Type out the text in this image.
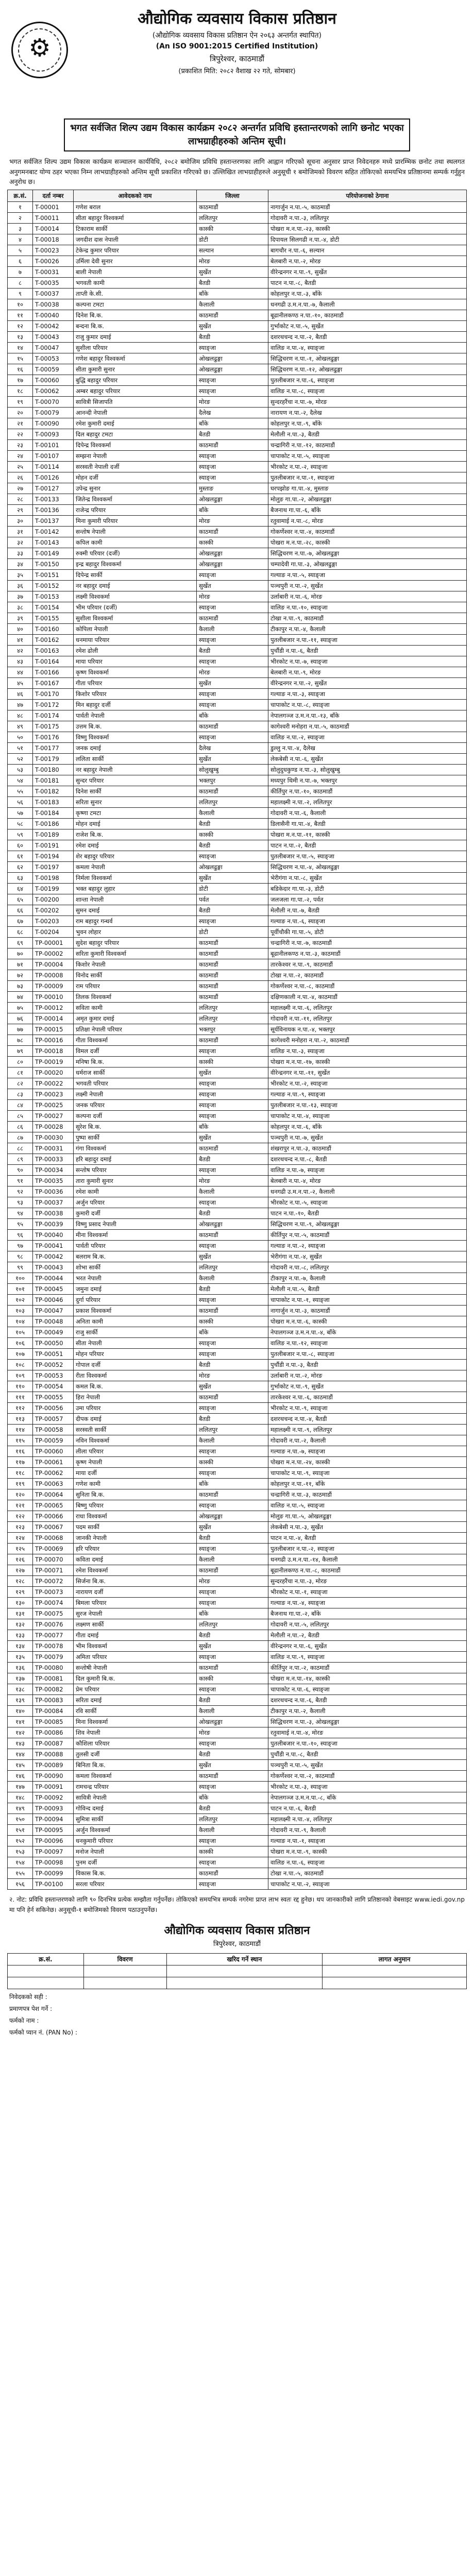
⚙
औद्योगिक व्यवसाय विकास प्रतिष्ठान
(औद्योगिक व्यवसाय विकास प्रतिष्ठान ऐन २०६३ अन्तर्गत स्थापित)
(An ISO 9001:2015 Certified Institution)
त्रिपुरेश्वर, काठमाडौं
(प्रकाशित मिति: २०८२ वैशाख २२ गते, सोमबार)
भगत सर्वजित शिल्प उद्यम विकास कार्यक्रम २०८२ अन्तर्गत प्रविधि हस्तान्तरणको लागि छनोट भएका लाभग्राहीहरुको अन्तिम सूची।
भगत सर्वजित शिल्प उद्यम विकास कार्यक्रम सञ्चालन कार्यविधि, २०८२ बमोजिम प्रविधि हस्तान्तरणका लागि आह्वान गरिएको सूचना अनुसार प्राप्त निवेदनहरु मध्ये प्रारम्भिक छनोट तथा स्थलगत अनुगमनबाट योग्य ठहर भएका निम्न लाभग्राहीहरुको अन्तिम सूची प्रकाशित गरिएको छ। उल्लिखित लाभग्राहीहरुले अनुसूची १ बमोजिमको विवरण सहित तोकिएको समयभित्र प्रतिष्ठानमा सम्पर्क गर्नुहुन अनुरोध छ।
क्र.सं.	दर्ता नम्बर	आवेदकको नाम	जिल्ला	परियोजनाको ठेगाना
१	T-00001	गणेश बराल	काठमाडौं	नागार्जुन न.पा.-५, काठमाडौं
२	T-00011	सीता बहादुर विश्वकर्मा	ललितपुर	गोदावरी न.पा.-३, ललितपुर
३	T-00014	टिकाराम सार्की	कास्की	पोखरा म.न.पा.-२३, कास्की
४	T-00018	जगदीश दास नेपाली	डोटी	दिपायल सिलगढी न.पा.-४, डोटी
५	T-00023	टेकेन्द्र कुमार परियार	सल्यान	बागचौर न.पा.-६, सल्यान
६	T-00026	उर्मिला देवी सुनार	मोरङ	बेलबारी न.पा.-२, मोरङ
७	T-00031	बाली नेपाली	सुर्खेत	वीरेन्द्रनगर न.पा.-९, सुर्खेत
८	T-00035	भगवती कामी	बैतडी	पाटन न.पा.-८, बैतडी
९	T-00037	ताप्ती के.सी.	बाँके	कोहलपुर न.पा.-३, बाँके
१०	T-00038	कल्पना टमटा	कैलाली	धनगढी उ.म.न.पा.-७, कैलाली
११	T-00040	दिनेश बि.क.	काठमाडौं	बूढानीलकण्ठ न.पा.-१०, काठमाडौं
१२	T-00042	बन्दना बि.क.	सुर्खेत	गुर्भाकोट न.पा.-५, सुर्खेत
१३	T-00043	राजु कुमार दमाई	बैतडी	दशरथचन्द न.पा.-२, बैतडी
१४	T-00047	सुशीला परियार	स्याङ्जा	वालिङ न.पा.-४, स्याङ्जा
१५	T-00053	गणेश बहादुर विश्वकर्मा	ओखलढुङ्गा	सिद्धिचरण न.पा.-१, ओखलढुङ्गा
१६	T-00059	सीता कुमारी सुनार	ओखलढुङ्गा	सिद्धिचरण न.पा.-१२, ओखलढुङ्गा
१७	T-00060	बुद्धि बहादुर परियार	स्याङ्जा	पुतलीबजार न.पा.-६, स्याङ्जा
१८	T-00062	अम्बर बहादुर परियार	स्याङ्जा	वालिङ न.पा.-८, स्याङ्जा
१९	T-00070	सावित्री सिजापति	मोरङ	सुन्दरहरैंचा न.पा.-७, मोरङ
२०	T-00079	आनन्दी नेपाली	दैलेख	नारायण न.पा.-२, दैलेख
२१	T-00090	रमेश कुमारी दमाई	बाँके	कोहलपुर न.पा.-९, बाँके
२२	T-00093	दिल बहादुर टमटा	बैतडी	मेलौली न.पा.-३, बैतडी
२३	T-00101	दिपेन्द्र विश्वकर्मा	काठमाडौं	चन्द्रागिरी न.पा.-१२, काठमाडौं
२४	T-00107	सम्झना नेपाली	स्याङ्जा	चापाकोट न.पा.-५, स्याङ्जा
२५	T-00114	सरस्वती नेपाली दर्जी	स्याङ्जा	भीरकोट न.पा.-२, स्याङ्जा
२६	T-00126	मोहन दर्जी	स्याङ्जा	पुतलीबजार न.पा.-१, स्याङ्जा
२७	T-00127	उपेन्द्र सुनार	मुस्ताङ	घरपझोङ गा.पा.-४, मुस्ताङ
२८	T-00133	जितेन्द्र विश्वकर्मा	ओखलढुङ्गा	मोलुङ गा.पा.-२, ओखलढुङ्गा
२९	T-00136	राजेन्द्र परियार	बाँके	बैजनाथ गा.पा.-६, बाँके
३०	T-00137	मिना कुमारी परियार	मोरङ	रतुवामाई न.पा.-८, मोरङ
३१	T-00142	सन्तोष नेपाली	काठमाडौं	गोकर्णेश्वर न.पा.-४, काठमाडौं
३२	T-00143	कपिल कामी	कास्की	पोखरा म.न.पा.-२८, कास्की
३३	T-00149	रुक्मी परियार (दर्जी)	ओखलढुङ्गा	सिद्धिचरण न.पा.-७, ओखलढुङ्गा
३४	T-00150	इन्द्र बहादुर विश्वकर्मा	ओखलढुङ्गा	चम्पादेवी गा.पा.-३, ओखलढुङ्गा
३५	T-00151	दिपेन्द्र सार्की	स्याङ्जा	गल्याङ न.पा.-५, स्याङ्जा
३६	T-00152	नर बहादुर दमाई	सुर्खेत	पञ्चपुरी न.पा.-२, सुर्खेत
३७	T-00153	लक्ष्मी विश्वकर्मा	मोरङ	उर्लाबारी न.पा.-६, मोरङ
३८	T-00154	भीम परियार (दर्जी)	स्याङ्जा	वालिङ न.पा.-१०, स्याङ्जा
३९	T-00155	सुशीला विश्वकर्मा	काठमाडौं	टोखा न.पा.-९, काठमाडौं
४०	T-00160	कोपिला नेपाली	कैलाली	टीकापुर न.पा.-४, कैलाली
४१	T-00162	धनमाया परियार	स्याङ्जा	पुतलीबजार न.पा.-११, स्याङ्जा
४२	T-00163	रमेश ढोली	बैतडी	पुर्चौडी न.पा.-६, बैतडी
४३	T-00164	माया परियार	स्याङ्जा	भीरकोट न.पा.-७, स्याङ्जा
४४	T-00166	कृष्ण विश्वकर्मा	मोरङ	बेलबारी न.पा.-९, मोरङ
४५	T-00167	गीता परियार	सुर्खेत	वीरेन्द्रनगर न.पा.-२, सुर्खेत
४६	T-00170	किशोर परियार	स्याङ्जा	गल्याङ न.पा.-३, स्याङ्जा
४७	T-00172	मिन बहादुर दर्जी	स्याङ्जा	चापाकोट न.पा.-८, स्याङ्जा
४८	T-00174	पार्वती नेपाली	बाँके	नेपालगञ्ज उ.म.न.पा.-१३, बाँके
४९	T-00175	उत्तम बि.क.	काठमाडौं	कागेश्वरी मनोहरा न.पा.-५, काठमाडौं
५०	T-00176	विष्णु विश्वकर्मा	स्याङ्जा	वालिङ न.पा.-२, स्याङ्जा
५१	T-00177	जनक दमाई	दैलेख	डुल्लु न.पा.-४, दैलेख
५२	T-00179	ललिता सार्की	सुर्खेत	लेकबेसी न.पा.-६, सुर्खेत
५३	T-00180	नर बहादुर नेपाली	सोलुखुम्बु	सोलुदुधकुण्ड न.पा.-३, सोलुखुम्बु
५४	T-00181	सुन्दर परियार	भक्तपुर	मध्यपुर थिमी न.पा.-७, भक्तपुर
५५	T-00182	दिनेश सार्की	काठमाडौं	कीर्तिपुर न.पा.-१०, काठमाडौं
५६	T-00183	सरिता सुनार	ललितपुर	महालक्ष्मी न.पा.-२, ललितपुर
५७	T-00184	कृष्णा टमटा	कैलाली	गोदावरी न.पा.-६, कैलाली
५८	T-00186	मोहन दमाई	बैतडी	डिलासैनी गा.पा.-४, बैतडी
५९	T-00189	राजेश बि.क.	कास्की	पोखरा म.न.पा.-११, कास्की
६०	T-00191	रमेश दमाई	बैतडी	पाटन न.पा.-२, बैतडी
६१	T-00194	शेर बहादुर परियार	स्याङ्जा	पुतलीबजार न.पा.-५, स्याङ्जा
६२	T-00197	कमला नेपाली	ओखलढुङ्गा	सिद्धिचरण न.पा.-४, ओखलढुङ्गा
६३	T-00198	निर्मला विश्वकर्मा	सुर्खेत	भेरीगंगा न.पा.-८, सुर्खेत
६४	T-00199	भक्त बहादुर लुहार	डोटी	बडिकेदार गा.पा.-३, डोटी
६५	T-00200	शान्ता नेपाली	पर्वत	जलजला गा.पा.-२, पर्वत
६६	T-00202	सुमन दमाई	बैतडी	मेलौली न.पा.-७, बैतडी
६७	T-00203	राम बहादुर गन्धर्व	स्याङ्जा	गल्याङ न.पा.-६, स्याङ्जा
६८	T-00204	भुवन लोहार	डोटी	पूर्वीचौकी गा.पा.-५, डोटी
६९	TP-00001	सुदेश बहादुर परियार	काठमाडौं	चन्द्रागिरी न.पा.-७, काठमाडौं
७०	TP-00002	सरिता कुमारी विश्वकर्मा	काठमाडौं	बूढानीलकण्ठ न.पा.-३, काठमाडौं
७१	TP-00004	किशोर नेपाली	काठमाडौं	तारकेश्वर न.पा.-९, काठमाडौं
७२	TP-00008	विनोद सार्की	काठमाडौं	टोखा न.पा.-२, काठमाडौं
७३	TP-00009	राम परियार	काठमाडौं	गोकर्णेश्वर न.पा.-८, काठमाडौं
७४	TP-00010	तिलक विश्वकर्मा	काठमाडौं	दक्षिणकाली न.पा.-४, काठमाडौं
७५	TP-00012	सविता कामी	ललितपुर	महालक्ष्मी न.पा.-६, ललितपुर
७६	TP-00014	अमृत कुमार दमाई	ललितपुर	गोदावरी न.पा.-११, ललितपुर
७७	TP-00015	प्रतिक्षा नेपाली परियार	भक्तपुर	सूर्यविनायक न.पा.-४, भक्तपुर
७८	TP-00016	गीता विश्वकर्मा	काठमाडौं	कागेश्वरी मनोहरा न.पा.-२, काठमाडौं
७९	TP-00018	विमल दर्जी	स्याङ्जा	वालिङ न.पा.-३, स्याङ्जा
८०	TP-00019	मनिषा बि.क.	कास्की	पोखरा म.न.पा.-१७, कास्की
८१	TP-00020	धर्मराज सार्की	सुर्खेत	वीरेन्द्रनगर न.पा.-११, सुर्खेत
८२	TP-00022	भगवती परियार	स्याङ्जा	भीरकोट न.पा.-२, स्याङ्जा
८३	TP-00023	लक्ष्मी नेपाली	स्याङ्जा	गल्याङ न.पा.-९, स्याङ्जा
८४	TP-00025	जनक परियार	स्याङ्जा	पुतलीबजार न.पा.-१३, स्याङ्जा
८५	TP-00027	कल्पना दर्जी	स्याङ्जा	चापाकोट न.पा.-४, स्याङ्जा
८६	TP-00028	सुरेश बि.क.	बाँके	कोहलपुर न.पा.-६, बाँके
८७	TP-00030	पुष्पा सार्की	सुर्खेत	पञ्चपुरी न.पा.-७, सुर्खेत
८८	TP-00031	गंगा विश्वकर्मा	काठमाडौं	शंखरापुर न.पा.-३, काठमाडौं
८९	TP-00033	हरि बहादुर दमाई	बैतडी	दशरथचन्द न.पा.-८, बैतडी
९०	TP-00034	सन्तोष परियार	स्याङ्जा	वालिङ न.पा.-७, स्याङ्जा
९१	TP-00035	तारा कुमारी सुनार	मोरङ	बेलबारी न.पा.-४, मोरङ
९२	TP-00036	रमेश कामी	कैलाली	धनगढी उ.म.न.पा.-२, कैलाली
९३	TP-00037	अर्जुन परियार	स्याङ्जा	भीरकोट न.पा.-५, स्याङ्जा
९४	TP-00038	कुमारी दर्जी	बैतडी	पाटन न.पा.-१०, बैतडी
९५	TP-00039	विष्णु प्रसाद नेपाली	ओखलढुङ्गा	सिद्धिचरण न.पा.-९, ओखलढुङ्गा
९६	TP-00040	मीना विश्वकर्मा	काठमाडौं	कीर्तिपुर न.पा.-५, काठमाडौं
९७	TP-00041	पार्वती परियार	स्याङ्जा	गल्याङ न.पा.-२, स्याङ्जा
९८	TP-00042	बलराम बि.क.	सुर्खेत	भेरीगंगा न.पा.-४, सुर्खेत
९९	TP-00043	शोभा सार्की	ललितपुर	गोदावरी न.पा.-८, ललितपुर
१००	TP-00044	भरत नेपाली	कैलाली	टीकापुर न.पा.-७, कैलाली
१०१	TP-00045	जमुना दमाई	बैतडी	मेलौली न.पा.-५, बैतडी
१०२	TP-00046	दुर्गा परियार	स्याङ्जा	चापाकोट न.पा.-१, स्याङ्जा
१०३	TP-00047	प्रकाश विश्वकर्मा	काठमाडौं	नागार्जुन न.पा.-३, काठमाडौं
१०४	TP-00048	अनिता कामी	कास्की	पोखरा म.न.पा.-६, कास्की
१०५	TP-00049	राजु सार्की	बाँके	नेपालगञ्ज उ.म.न.पा.-४, बाँके
१०६	TP-00050	सीता नेपाली	स्याङ्जा	वालिङ न.पा.-१२, स्याङ्जा
१०७	TP-00051	मोहन परियार	स्याङ्जा	पुतलीबजार न.पा.-८, स्याङ्जा
१०८	TP-00052	गोपाल दर्जी	बैतडी	पुर्चौडी न.पा.-३, बैतडी
१०९	TP-00053	रीता विश्वकर्मा	मोरङ	उर्लाबारी न.पा.-२, मोरङ
११०	TP-00054	कमल बि.क.	सुर्खेत	गुर्भाकोट न.पा.-९, सुर्खेत
१११	TP-00055	हिरा नेपाली	काठमाडौं	तारकेश्वर न.पा.-६, काठमाडौं
११२	TP-00056	उमा परियार	स्याङ्जा	भीरकोट न.पा.-९, स्याङ्जा
११३	TP-00057	दीपक दमाई	बैतडी	दशरथचन्द न.पा.-४, बैतडी
११४	TP-00058	सरस्वती सार्की	ललितपुर	महालक्ष्मी न.पा.-९, ललितपुर
११५	TP-00059	नविन विश्वकर्मा	कैलाली	गोदावरी न.पा.-२, कैलाली
११६	TP-00060	लीला परियार	स्याङ्जा	गल्याङ न.पा.-७, स्याङ्जा
११७	TP-00061	कृष्ण नेपाली	कास्की	पोखरा म.न.पा.-२४, कास्की
११८	TP-00062	माया दर्जी	स्याङ्जा	चापाकोट न.पा.-९, स्याङ्जा
११९	TP-00063	गणेश कामी	बाँके	कोहलपुर न.पा.-११, बाँके
१२०	TP-00064	सुनिता बि.क.	काठमाडौं	चन्द्रागिरी न.पा.-३, काठमाडौं
१२१	TP-00065	बिष्णु परियार	स्याङ्जा	वालिङ न.पा.-५, स्याङ्जा
१२२	TP-00066	राधा विश्वकर्मा	ओखलढुङ्गा	मोलुङ गा.पा.-५, ओखलढुङ्गा
१२३	TP-00067	पदम सार्की	सुर्खेत	लेकबेसी न.पा.-३, सुर्खेत
१२४	TP-00068	जानकी नेपाली	बैतडी	पाटन न.पा.-४, बैतडी
१२५	TP-00069	हरि परियार	स्याङ्जा	पुतलीबजार न.पा.-२, स्याङ्जा
१२६	TP-00070	कविता दमाई	कैलाली	धनगढी उ.म.न.पा.-१४, कैलाली
१२७	TP-00071	रमेश विश्वकर्मा	काठमाडौं	बूढानीलकण्ठ न.पा.-८, काठमाडौं
१२८	TP-00072	सिर्जना बि.क.	मोरङ	सुन्दरहरैंचा न.पा.-३, मोरङ
१२९	TP-00073	नारायण दर्जी	स्याङ्जा	भीरकोट न.पा.-१, स्याङ्जा
१३०	TP-00074	बिमला परियार	स्याङ्जा	गल्याङ न.पा.-४, स्याङ्जा
१३१	TP-00075	सुरज नेपाली	बाँके	बैजनाथ गा.पा.-२, बाँके
१३२	TP-00076	लक्ष्मण सार्की	ललितपुर	गोदावरी न.पा.-५, ललितपुर
१३३	TP-00077	गीता दमाई	बैतडी	मेलौली न.पा.-२, बैतडी
१३४	TP-00078	भीम विश्वकर्मा	सुर्खेत	वीरेन्द्रनगर न.पा.-६, सुर्खेत
१३५	TP-00079	अमिता परियार	स्याङ्जा	वालिङ न.पा.-९, स्याङ्जा
१३६	TP-00080	सन्तोषी नेपाली	काठमाडौं	कीर्तिपुर न.पा.-२, काठमाडौं
१३७	TP-00081	दिल कुमारी बि.क.	कास्की	पोखरा म.न.पा.-१४, कास्की
१३८	TP-00082	प्रेम परियार	स्याङ्जा	चापाकोट न.पा.-६, स्याङ्जा
१३९	TP-00083	सरिता दमाई	बैतडी	दशरथचन्द न.पा.-६, बैतडी
१४०	TP-00084	रवि सार्की	कैलाली	टीकापुर न.पा.-२, कैलाली
१४१	TP-00085	मिना विश्वकर्मा	ओखलढुङ्गा	सिद्धिचरण न.पा.-३, ओखलढुङ्गा
१४२	TP-00086	शिव नेपाली	मोरङ	रतुवामाई न.पा.-४, मोरङ
१४३	TP-00087	कौशिला परियार	स्याङ्जा	पुतलीबजार न.पा.-१०, स्याङ्जा
१४४	TP-00088	तुलसी दर्जी	बैतडी	पुर्चौडी न.पा.-८, बैतडी
१४५	TP-00089	बिनिता बि.क.	सुर्खेत	पञ्चपुरी न.पा.-५, सुर्खेत
१४६	TP-00090	कमला विश्वकर्मा	काठमाडौं	गोकर्णेश्वर न.पा.-२, काठमाडौं
१४७	TP-00091	रामचन्द्र परियार	स्याङ्जा	भीरकोट न.पा.-३, स्याङ्जा
१४८	TP-00092	सावित्री नेपाली	बाँके	नेपालगञ्ज उ.म.न.पा.-८, बाँके
१४९	TP-00093	गोविन्द दमाई	बैतडी	पाटन न.पा.-६, बैतडी
१५०	TP-00094	सुमित्रा सार्की	ललितपुर	महालक्ष्मी न.पा.-४, ललितपुर
१५१	TP-00095	अर्जुन विश्वकर्मा	कैलाली	गोदावरी न.पा.-९, कैलाली
१५२	TP-00096	धनकुमारी परियार	स्याङ्जा	गल्याङ न.पा.-१, स्याङ्जा
१५३	TP-00097	मनोज नेपाली	कास्की	पोखरा म.न.पा.-९, कास्की
१५४	TP-00098	पुनम दर्जी	स्याङ्जा	वालिङ न.पा.-६, स्याङ्जा
१५५	TP-00099	विकास बि.क.	काठमाडौं	टोखा न.पा.-५, काठमाडौं
१५६	TP-00100	सरला परियार	स्याङ्जा	चापाकोट न.पा.-२, स्याङ्जा
२. नोट: प्रविधि हस्तान्तरणको लागि ९० दिनभित्र प्रत्येक सम्झौता गर्नुपर्नेछ। तोकिएको समयभित्र सम्पर्क नगरेमा प्राप्त लाभ स्वतः रद्द हुनेछ। थप जानकारीको लागि प्रतिष्ठानको वेबसाइट www.iedi.gov.np मा पनि हेर्न सकिनेछ। अनुसूची-१ बमोजिमको विवरण पठाउनुपर्नेछ।
औद्योगिक व्यवसाय विकास प्रतिष्ठान
त्रिपुरेश्वर, काठमाडौं
क्र.सं.	विवरण	खरिद गर्ने स्थान	लागत अनुमान

निवेदकको सही :
प्रमाणपत्र पेश गर्ने :
फर्मको नाम :
फर्मको प्यान नं. (PAN No) :
